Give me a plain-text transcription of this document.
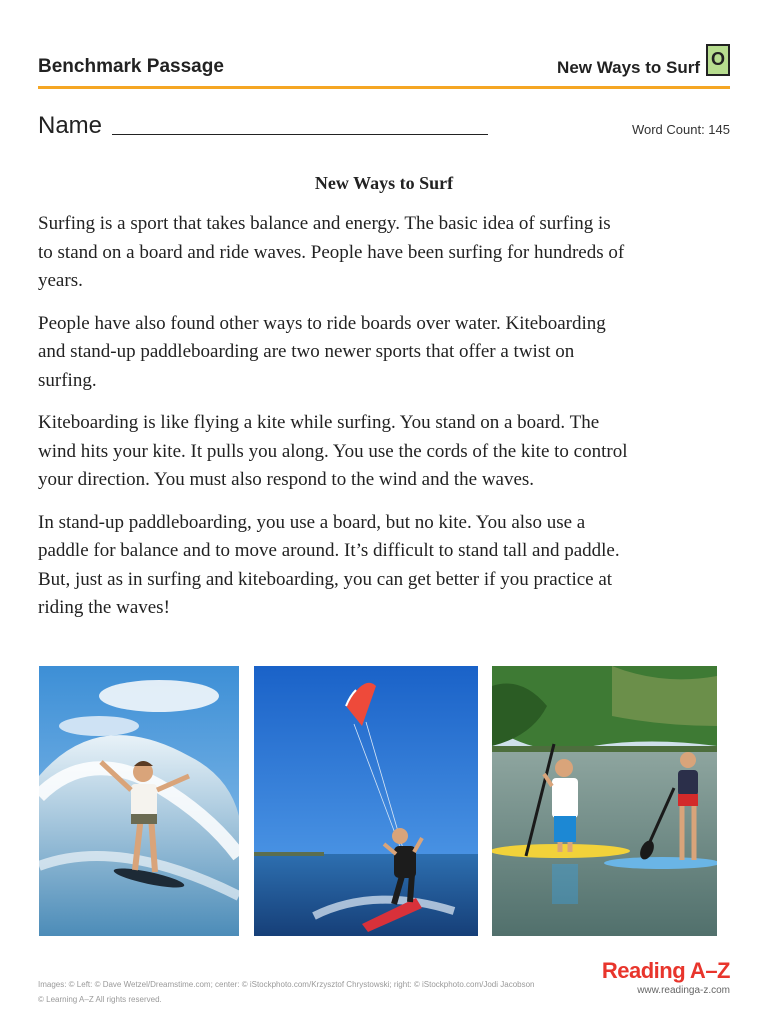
Benchmark Passage	New Ways to Surf O
Name	Word Count: 145
New Ways to Surf

Surfing is a sport that takes balance and energy. The basic idea of surfing is to stand on a board and ride waves. People have been surfing for hundreds of years.

People have also found other ways to ride boards over water. Kiteboarding and stand-up paddleboarding are two newer sports that offer a twist on surfing.

Kiteboarding is like flying a kite while surfing. You stand on a board. The wind hits your kite. It pulls you along. You use the cords of the kite to control your direction. You must also respond to the wind and the waves.

In stand-up paddleboarding, you use a board, but no kite. You also use a paddle for balance and to move around. It’s difficult to stand tall and paddle. But, just as in surfing and kiteboarding, you can get better if you practice at riding the waves!

Images: © Left: © Dave Wetzel/Dreamstime.com; center: © iStockphoto.com/Krzysztof Chrystowski; right: © iStockphoto.com/Jodi Jacobson
© Learning A–Z All rights reserved.
Reading A–Z
www.readinga-z.com
